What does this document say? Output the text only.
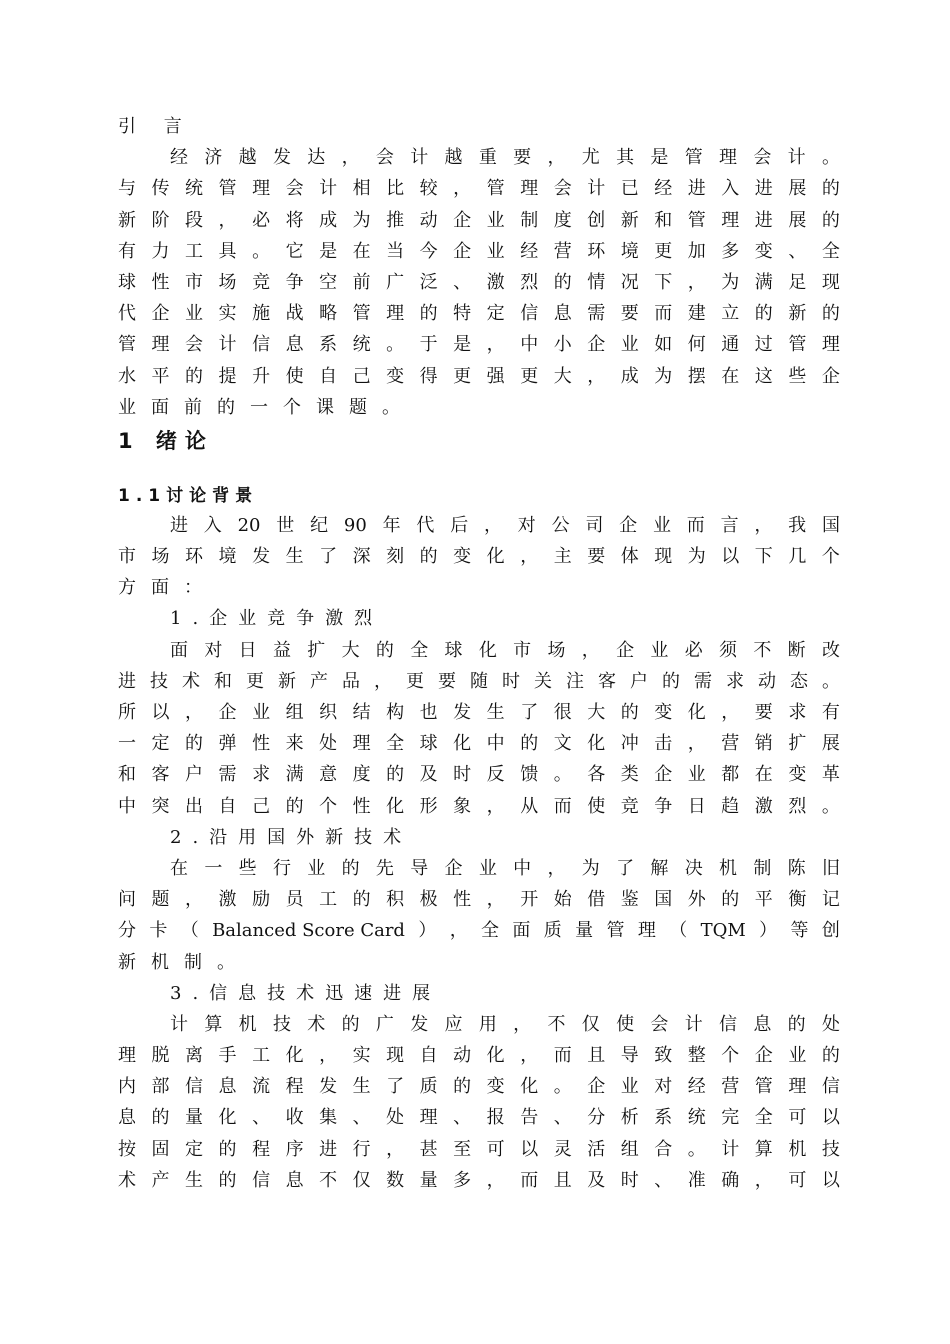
引 言
经 济 越 发 达 ， 会 计 越 重 要 ， 尤 其 是 管 理 会 计 。
与 传 统 管 理 会 计 相 比 较 ， 管 理 会 计 已 经 进 入 进 展 的
新 阶 段 ， 必 将 成 为 推 动 企 业 制 度 创 新 和 管 理 进 展 的
有 力 工 具 。 它 是 在 当 今 企 业 经 营 环 境 更 加 多 变 、 全
球 性 市 场 竞 争 空 前 广 泛 、 激 烈 的 情 况 下 ， 为 满 足 现
代 企 业 实 施 战 略 管 理 的 特 定 信 息 需 要 而 建 立 的 新 的
管 理 会 计 信 息 系 统 。 于 是 ， 中 小 企 业 如 何 通 过 管 理
水 平 的 提 升 使 自 己 变 得 更 强 更 大 ， 成 为 摆 在 这 些 企
业面前的一个课题。
1 绪论
1.1讨论背景
进 入 20 世 纪 90 年 代 后 ， 对 公 司 企 业 而 言 ， 我 国
市 场 环 境 发 生 了 深 刻 的 变 化 ， 主 要 体 现 为 以 下 几 个
方面：
1.企业竞争激烈
面 对 日 益 扩 大 的 全 球 化 市 场 ， 企 业 必 须 不 断 改
进 技 术 和 更 新 产 品 ， 更 要 随 时 关 注 客 户 的 需 求 动 态 。
所 以 ， 企 业 组 织 结 构 也 发 生 了 很 大 的 变 化 ， 要 求 有
一 定 的 弹 性 来 处 理 全 球 化 中 的 文 化 冲 击 ， 营 销 扩 展
和 客 户 需 求 满 意 度 的 及 时 反 馈 。 各 类 企 业 都 在 变 革
中 突 出 自 己 的 个 性 化 形 象 ， 从 而 使 竞 争 日 趋 激 烈 。
2.沿用国外新技术
在 一 些 行 业 的 先 导 企 业 中 ， 为 了 解 决 机 制 陈 旧
问 题 ， 激 励 员 工 的 积 极 性 ， 开 始 借 鉴 国 外 的 平 衡 记
分 卡 （ Balanced Score Card ） ， 全 面 质 量 管 理 （ TQM ） 等 创
新机制。
3.信息技术迅速进展
计 算 机 技 术 的 广 发 应 用 ， 不 仅 使 会 计 信 息 的 处
理 脱 离 手 工 化 ， 实 现 自 动 化 ， 而 且 导 致 整 个 企 业 的
内 部 信 息 流 程 发 生 了 质 的 变 化 。 企 业 对 经 营 管 理 信
息 的 量 化 、 收 集 、 处 理 、 报 告 、 分 析 系 统 完 全 可 以
按 固 定 的 程 序 进 行 ， 甚 至 可 以 灵 活 组 合 。 计 算 机 技
术 产 生 的 信 息 不 仅 数 量 多 ， 而 且 及 时 、 准 确 ， 可 以
